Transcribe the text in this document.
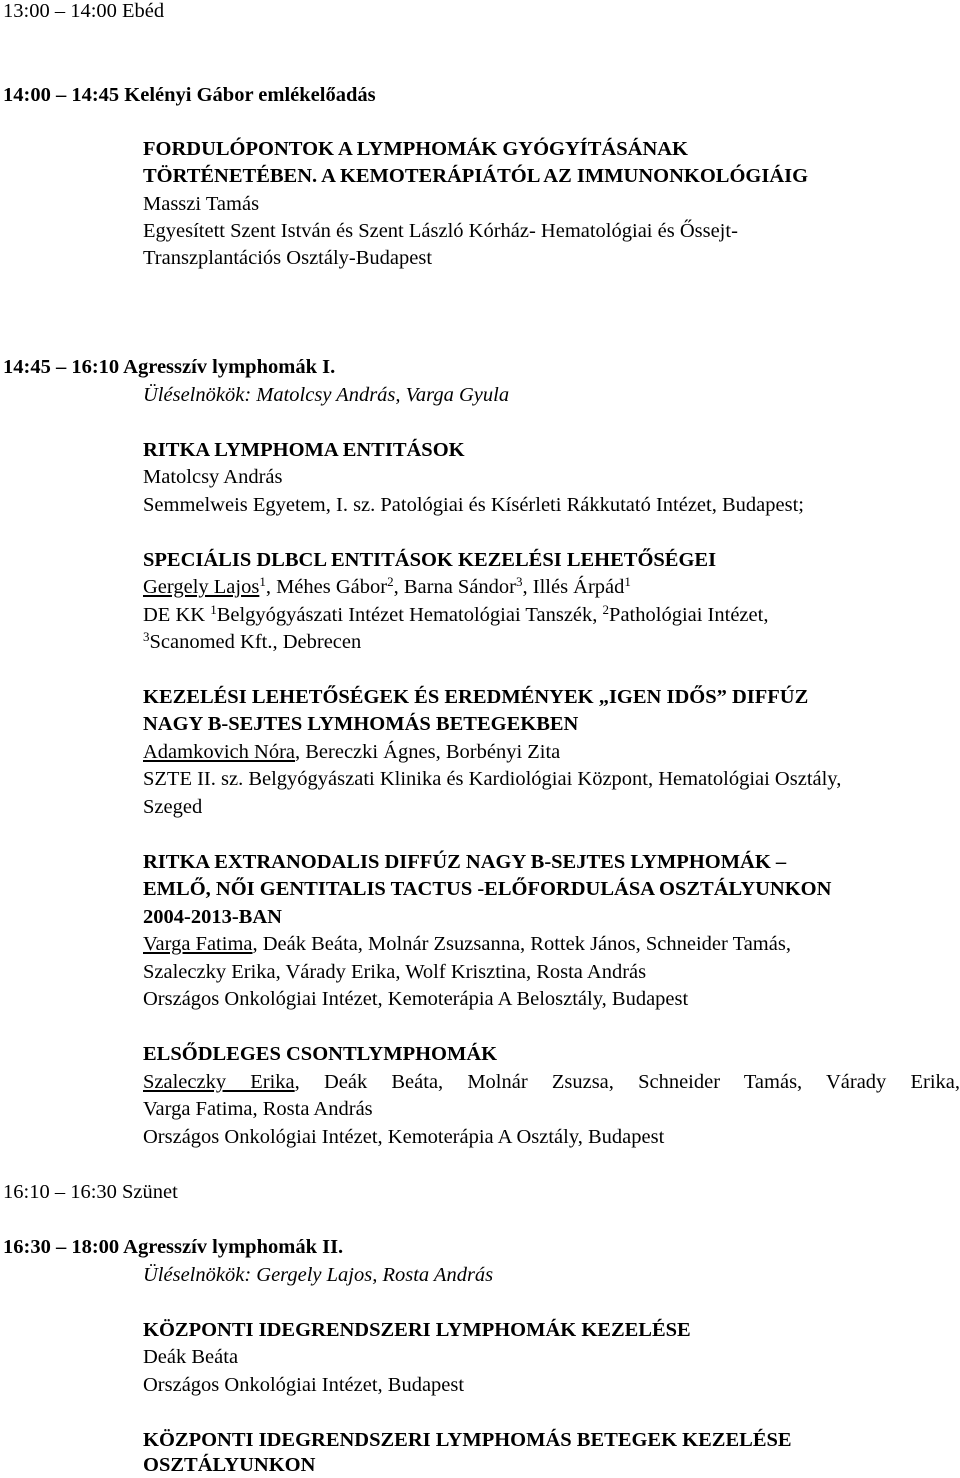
13:00 – 14:00 Ebéd
14:00 – 14:45 Kelényi Gábor emlékelőadás
FORDULÓPONTOK A LYMPHOMÁK GYÓGYÍTÁSÁNAK
TÖRTÉNETÉBEN. A KEMOTERÁPIÁTÓL AZ IMMUNONKOLÓGIÁIG
Masszi Tamás
Egyesített Szent István és Szent László Kórház- Hematológiai és Őssejt-
Transzplantációs Osztály-Budapest
14:45 – 16:10 Agresszív lymphomák I.
Üléselnökök: Matolcsy András, Varga Gyula
RITKA LYMPHOMA ENTITÁSOK
Matolcsy András
Semmelweis Egyetem, I. sz. Patológiai és Kísérleti Rákkutató Intézet, Budapest;
SPECIÁLIS DLBCL ENTITÁSOK KEZELÉSI LEHETŐSÉGEI
Gergely Lajos$^1$, Méhes Gábor$^2$, Barna Sándor$^3$, Illés Árpád$^1$
DE KK $^1$Belgyógyászati Intézet Hematológiai Tanszék, $^2$Pathológiai Intézet,
$^3$Scanomed Kft., Debrecen
KEZELÉSI LEHETŐSÉGEK ÉS EREDMÉNYEK „IGEN IDŐS” DIFFÚZ
NAGY B-SEJTES LYMHOMÁS BETEGEKBEN
Adamkovich Nóra, Bereczki Ágnes, Borbényi Zita
SZTE II. sz. Belgyógyászati Klinika és Kardiológiai Központ, Hematológiai Osztály,
Szeged
RITKA EXTRANODALIS DIFFÚZ NAGY B-SEJTES LYMPHOMÁK –
EMLŐ, NŐI GENTITALIS TACTUS -ELŐFORDULÁSA OSZTÁLYUNKON
2004-2013-BAN
Varga Fatima, Deák Beáta, Molnár Zsuzsanna, Rottek János, Schneider Tamás,
Szaleczky Erika, Várady Erika, Wolf Krisztina, Rosta András
Országos Onkológiai Intézet, Kemoterápia A Belosztály, Budapest
ELSŐDLEGES CSONTLYMPHOMÁK
Szaleczky Erika, Deák Beáta, Molnár Zsuzsa, Schneider Tamás, Várady Erika,
Varga Fatima, Rosta András
Országos Onkológiai Intézet, Kemoterápia A Osztály, Budapest
16:10 – 16:30 Szünet
16:30 – 18:00 Agresszív lymphomák II.
Üléselnökök: Gergely Lajos, Rosta András
KÖZPONTI IDEGRENDSZERI LYMPHOMÁK KEZELÉSE
Deák Beáta
Országos Onkológiai Intézet, Budapest
KÖZPONTI IDEGRENDSZERI LYMPHOMÁS BETEGEK KEZELÉSE
OSZTÁLYUNKON
